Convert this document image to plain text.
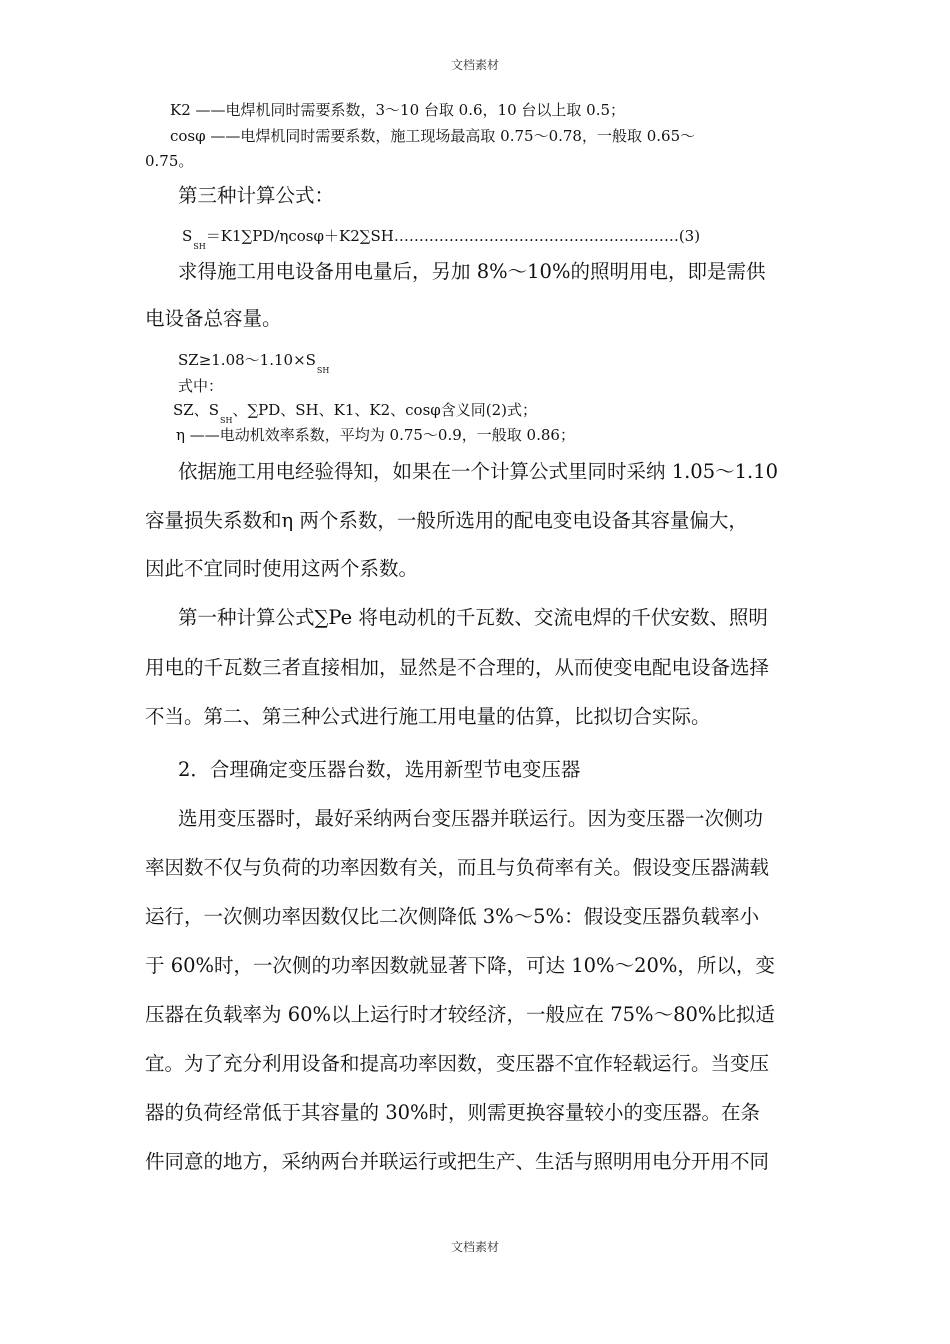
文档素材
K2 ——电焊机同时需要系数，3～10 台取 0.6，10 台以上取 0.5；
cosφ ——电焊机同时需要系数，施工现场最高取 0.75～0.78，一般取 0.65～
0.75。
第三种计算公式：
$S_{SH}=K1\sum PD/\eta\cos\varphi+K2\sum SH\dots\dots\dots\dots\dots\dots\dots\dots\dots\dots\dots\dots\dots\dots\dots\dots\dots\dots\dots(3)$
求得施工用电设备用电量后，另加 8%～10%的照明用电，即是需供
电设备总容量。
$SZ\ge 1.08\sim 1.10\times S_{SH}$
式中：
SZ、$S_{SH}$、∑PD、SH、K1、K2、cosφ含义同(2)式；
η ——电动机效率系数，平均为 0.75～0.9，一般取 0.86；
依据施工用电经验得知，如果在一个计算公式里同时采纳 1.05～1.10
容量损失系数和η 两个系数，一般所选用的配电变电设备其容量偏大，
因此不宜同时使用这两个系数。
第一种计算公式∑Pe 将电动机的千瓦数、交流电焊的千伏安数、照明
用电的千瓦数三者直接相加，显然是不合理的，从而使变电配电设备选择
不当。第二、第三种公式进行施工用电量的估算，比拟切合实际。
2．合理确定变压器台数，选用新型节电变压器
选用变压器时，最好采纳两台变压器并联运行。因为变压器一次侧功
率因数不仅与负荷的功率因数有关，而且与负荷率有关。假设变压器满载
运行，一次侧功率因数仅比二次侧降低 3%～5%：假设变压器负载率小
于 60%时，一次侧的功率因数就显著下降，可达 10%～20%，所以，变
压器在负载率为 60%以上运行时才较经济，一般应在 75%～80%比拟适
宜。为了充分利用设备和提高功率因数，变压器不宜作轻载运行。当变压
器的负荷经常低于其容量的 30%时，则需更换容量较小的变压器。在条
件同意的地方，采纳两台并联运行或把生产、生活与照明用电分开用不同
文档素材
